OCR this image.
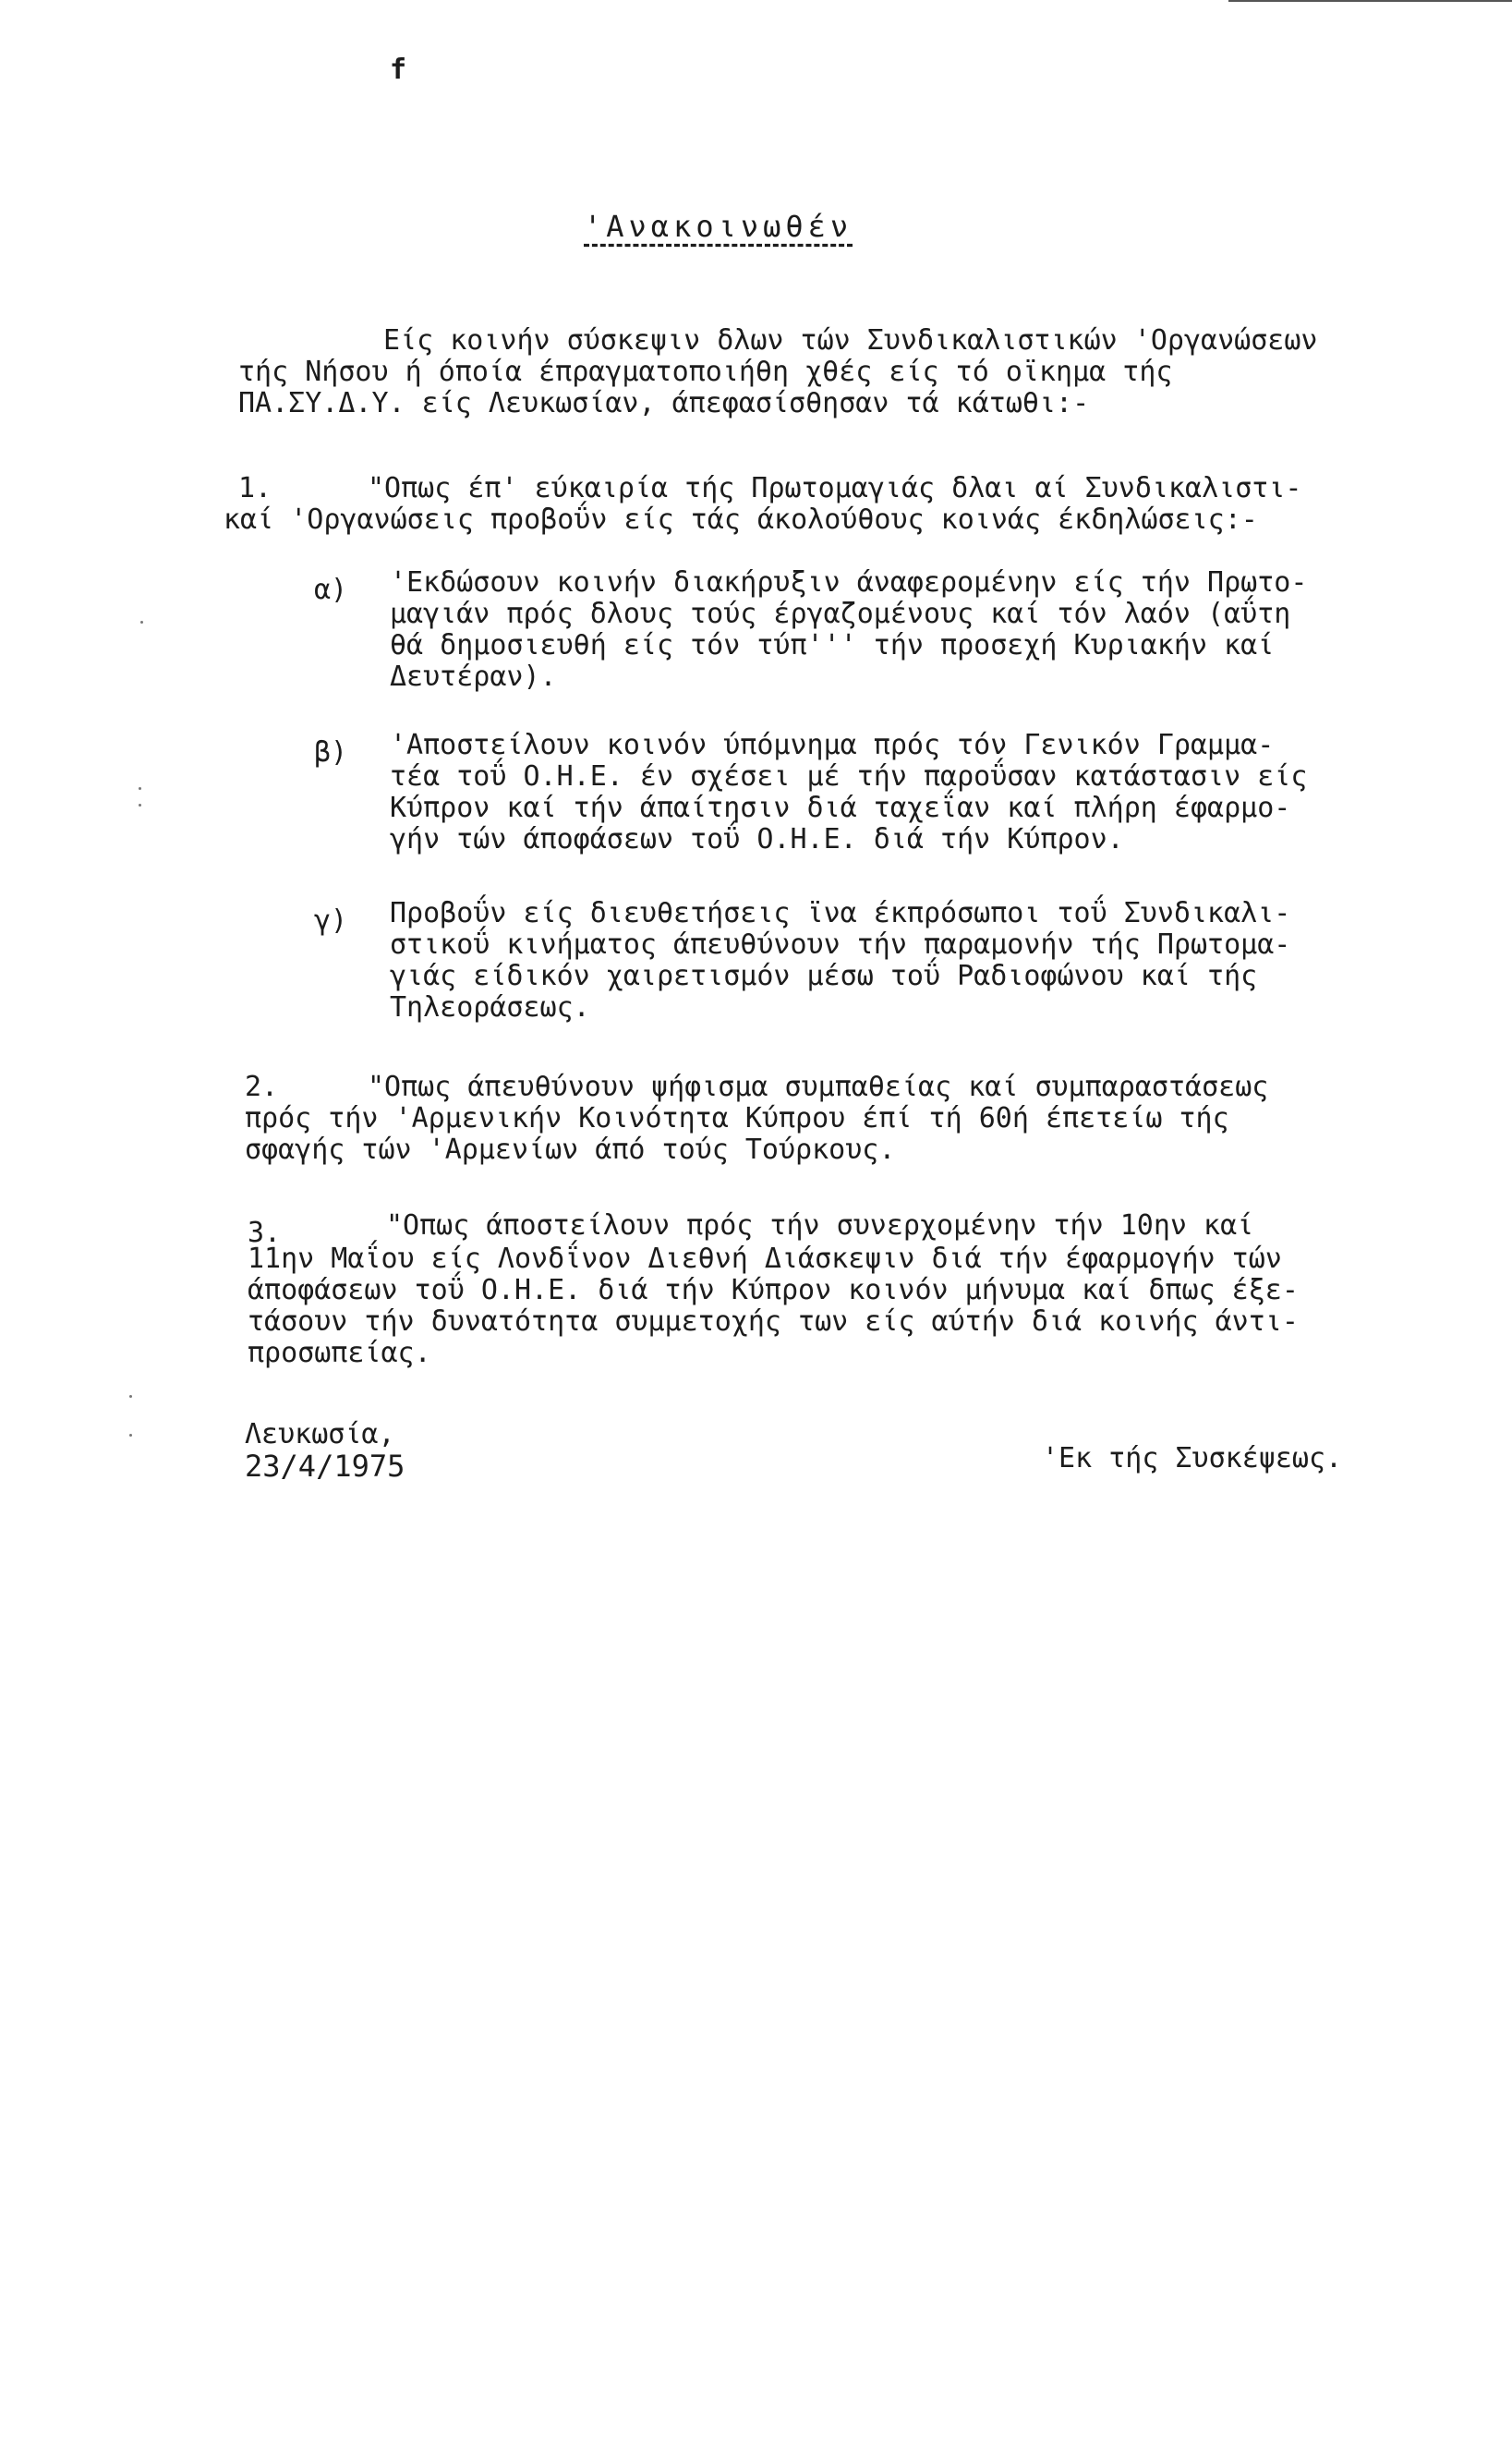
f
'Ανακοινωθέν
Είς κοινήν σύσκεψιν δλων τών Συνδικαλιστικών 'Οργανώσεων
τής Νήσου ή όποία έπραγματοποιήθη χθές είς τό οϊκημα τής
ΠΑ.ΣΥ.Δ.Υ. είς Λευκωσίαν, άπεφασίσθησαν τά κάτωθι:-
1.	"Οπως έπ' εύκαιρία τής Πρωτομαγιάς δλαι αί Συνδικαλιστι-
καί 'Οργανώσεις προβοΰν είς τάς άκολούθους κοινάς έκδηλώσεις:-
α) 'Εκδώσουν κοινήν διακήρυξιν άναφερομένην είς τήν Πρωτο-
μαγιάν πρός δλους τούς έργαζομένους καί τόν λαόν (αΰτη
θά δημοσιευθή είς τόν τύπ''' τήν προσεχή Κυριακήν καί
Δευτέραν).
β) 'Αποστείλουν κοινόν ύπόμνημα πρός τόν Γενικόν Γραμμα-
τέα τοΰ Ο.Η.Ε. έν σχέσει μέ τήν παροΰσαν κατάστασιν είς
Κύπρον καί τήν άπαίτησιν διά ταχεΐαν καί πλήρη έφαρμο-
γήν τών άποφάσεων τοΰ Ο.Η.Ε. διά τήν Κύπρον.
γ) Προβοΰν είς διευθετήσεις ϊνα έκπρόσωποι τοΰ Συνδικαλι-
στικοΰ κινήματος άπευθύνουν τήν παραμονήν τής Πρωτομα-
γιάς είδικόν χαιρετισμόν μέσω τοΰ Ραδιοφώνου καί τής
Τηλεοράσεως.
2.	"Οπως άπευθύνουν ψήφισμα συμπαθείας καί συμπαραστάσεως
πρός τήν 'Αρμενικήν Κοινότητα Κύπρου έπί τή 60ή έπετείω τής
σφαγής τών 'Αρμενίων άπό τούς Τούρκους.
3.	"Οπως άποστείλουν πρός τήν συνερχομένην τήν 10ην καί
11ην Μαΐου είς Λονδΐνον Διεθνή Διάσκεψιν διά τήν έφαρμογήν τών
άποφάσεων τοΰ Ο.Η.Ε. διά τήν Κύπρον κοινόν μήνυμα καί δπως έξε-
τάσουν τήν δυνατότητα συμμετοχής των είς αύτήν διά κοινής άντι-
προσωπείας.
Λευκωσία,
23/4/1975	'Εκ τής Συσκέψεως.
